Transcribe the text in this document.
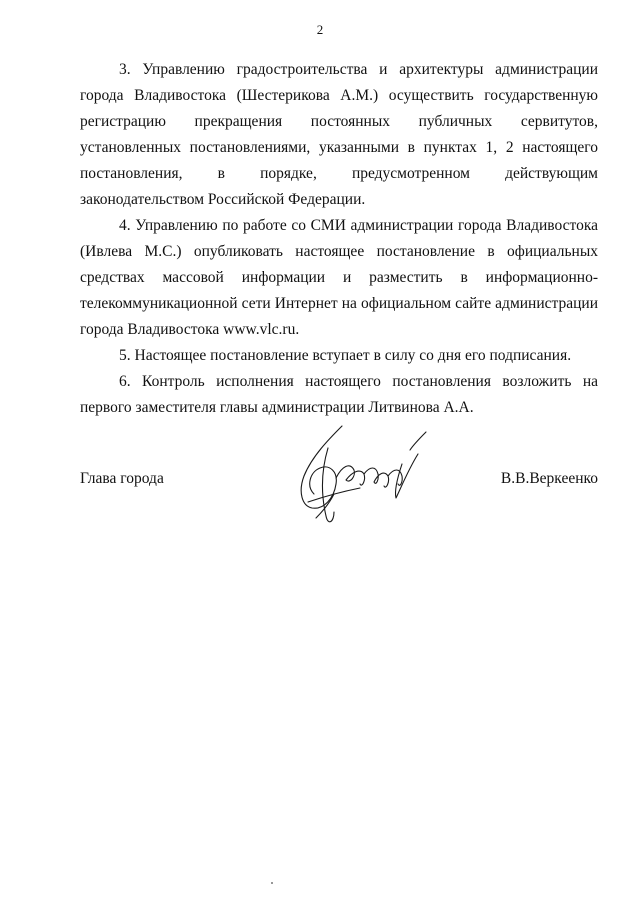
2

3. Управлению градостроительства и архитектуры администрации города Владивостока (Шестерикова А.М.) осуществить государственную регистрацию прекращения постоянных публичных сервитутов, установленных постановлениями, указанными в пунктах 1, 2 настоящего постановления, в порядке, предусмотренном действующим законодательством Российской Федерации.

4. Управлению по работе со СМИ администрации города Владивостока (Ивлева М.С.) опубликовать настоящее постановление в официальных средствах массовой информации и разместить в информационно-телекоммуникационной сети Интернет на официальном сайте администрации города Владивостока www.vlc.ru.

5. Настоящее постановление вступает в силу со дня его подписания.

6. Контроль исполнения настоящего постановления возложить на первого заместителя главы администрации Литвинова А.А.

Глава города	В.В.Веркеенко
